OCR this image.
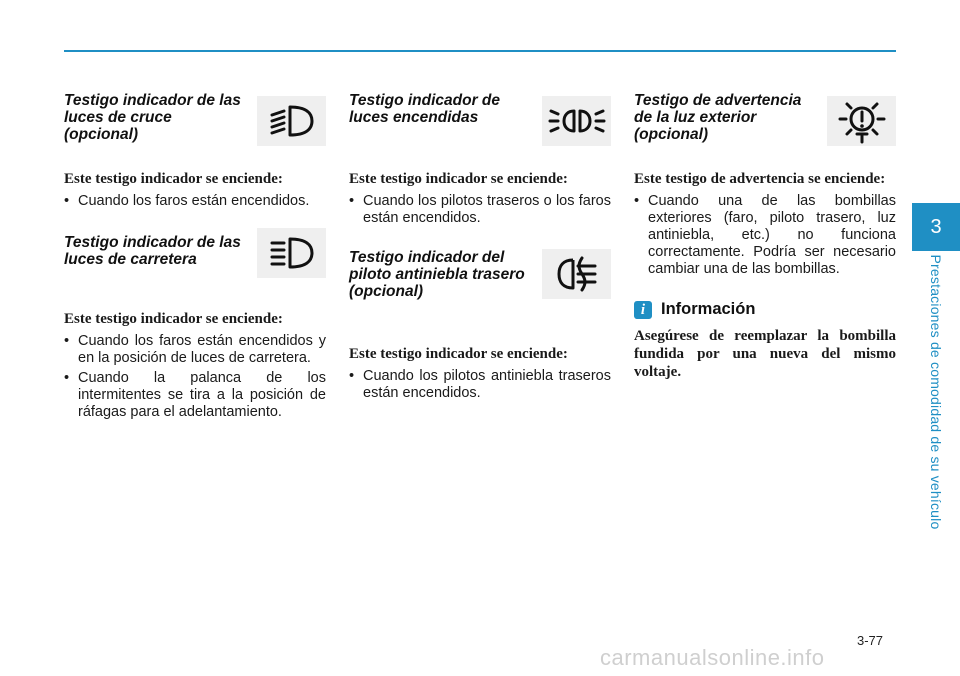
Testigo indicador de las luces de cruce (opcional)

Este testigo indicador se enciende:

• Cuando los faros están encendidos.

Testigo indicador de las luces de carretera

Este testigo indicador se enciende:

• Cuando los faros están encendidos y en la posición de luces de carretera.
• Cuando la palanca de los intermitentes se tira a la posición de ráfagas para el adelantamiento.

Testigo indicador de luces encendidas

Este testigo indicador se enciende:

• Cuando los pilotos traseros o los faros están encendidos.

Testigo indicador del piloto antiniebla trasero (opcional)

Este testigo indicador se enciende:

• Cuando los pilotos antiniebla traseros están encendidos.

Testigo de advertencia de la luz exterior (opcional)

Este testigo de advertencia se enciende:

• Cuando una de las bombillas exteriores (faro, piloto trasero, luz antiniebla, etc.) no funciona correctamente. Podría ser necesario cambiar una de las bombillas.
i Información

Asegúrese de reemplazar la bombilla fundida por una nueva del mismo voltaje.

3
Prestaciones de comodidad de su vehículo
3-77
carmanualsonline.info
